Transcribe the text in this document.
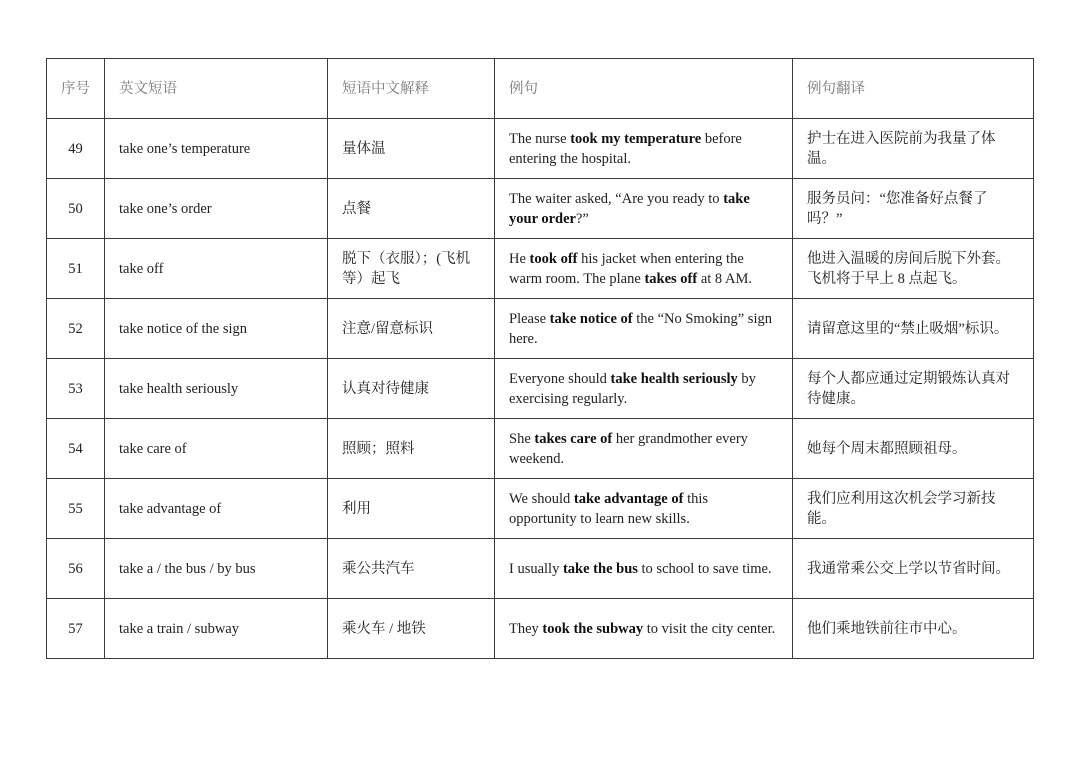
序号	英文短语	短语中文解释	例句	例句翻译
49	take one’s temperature	量体温	The nurse took my temperature before entering the hospital.	护士在进入医院前为我量了体温。
50	take one’s order	点餐	The waiter asked, “Are you ready to take your order?”	服务员问：“您准备好点餐了吗？”
51	take off	脱下（衣服）；(飞机等）起飞	He took off his jacket when entering the warm room. The plane takes off at 8 AM.	他进入温暖的房间后脱下外套。飞机将于早上 8 点起飞。
52	take notice of the sign	注意/留意标识	Please take notice of the “No Smoking” sign here.	请留意这里的“禁止吸烟”标识。
53	take health seriously	认真对待健康	Everyone should take health seriously by exercising regularly.	每个人都应通过定期锻炼认真对待健康。
54	take care of	照顾；照料	She takes care of her grandmother every weekend.	她每个周末都照顾祖母。
55	take advantage of	利用	We should take advantage of this opportunity to learn new skills.	我们应利用这次机会学习新技能。
56	take a / the bus / by bus	乘公共汽车	I usually take the bus to school to save time.	我通常乘公交上学以节省时间。
57	take a train / subway	乘火车 / 地铁	They took the subway to visit the city center.	他们乘地铁前往市中心。
